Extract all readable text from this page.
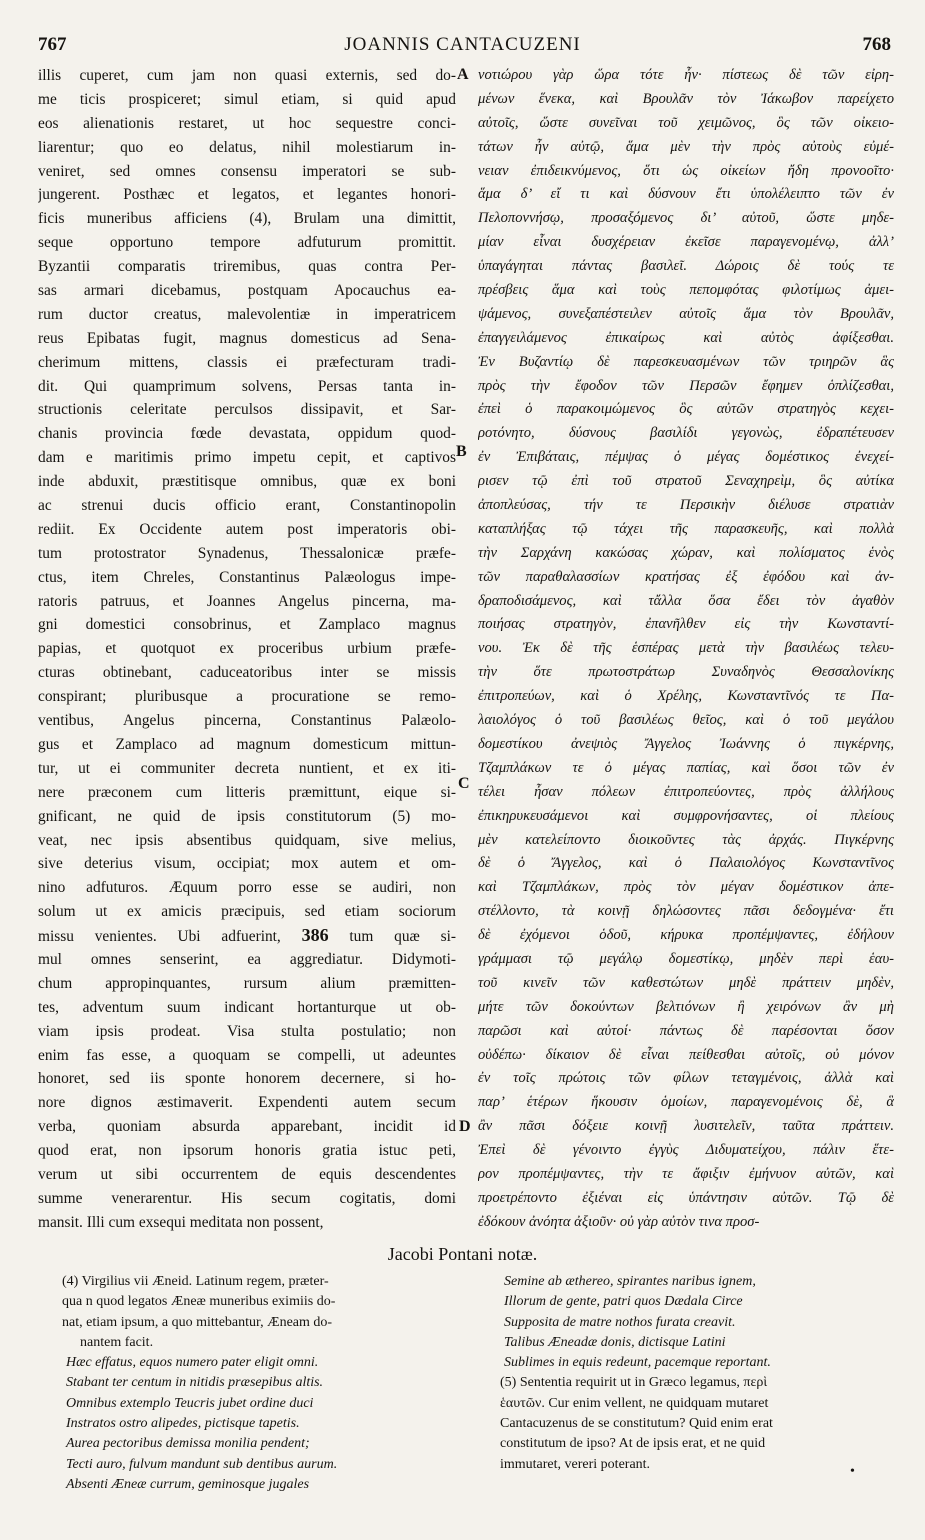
767	JOANNIS CANTACUZENI	768
illis cuperet, cum jam non quasi externis, sed do-
me ticis prospiceret; simul etiam, si quid apud
eos alienationis restaret, ut hoc sequestre conci-
liarentur; quo eo delatus, nihil molestiarum in-
veniret, sed omnes consensu imperatori se sub-
jungerent. Posthæc et legatos, et legantes honori-
ficis muneribus afficiens (4), Brulam una dimittit,
seque opportuno tempore adfuturum promittit.
Byzantii comparatis triremibus, quas contra Per-
sas armari dicebamus, postquam Apocauchus ea-
rum ductor creatus, malevolentiæ in imperatricem
reus Epibatas fugit, magnus domesticus ad Sena-
cherimum mittens, classis ei præfecturam tradi-
dit. Qui quamprimum solvens, Persas tanta in-
structionis celeritate perculsos dissipavit, et Sar-
chanis provincia fœde devastata, oppidum quod-
dam e maritimis primo impetu cepit, et captivos
inde abduxit, præstitisque omnibus, quæ ex boni
ac strenui ducis officio erant, Constantinopolin
rediit. Ex Occidente autem post imperatoris obi-
tum protostrator Synadenus, Thessalonicæ præfe-
ctus, item Chreles, Constantinus Palæologus impe-
ratoris patruus, et Joannes Angelus pincerna, ma-
gni domestici consobrinus, et Zamplaco magnus
papias, et quotquot ex proceribus urbium præfe-
cturas obtinebant, caduceatoribus inter se missis
conspirant; pluribusque a procuratione se remo-
ventibus, Angelus pincerna, Constantinus Palæolo-
gus et Zamplaco ad magnum domesticum mittun-
tur, ut ei communiter decreta nuntient, et ex iti-
nere præconem cum litteris præmittunt, eique si-
gnificant, ne quid de ipsis constitutorum (5) mo-
veat, nec ipsis absentibus quidquam, sive melius,
sive deterius visum, occipiat; mox autem et om-
nino adfuturos. Æquum porro esse se audiri, non
solum ut ex amicis præcipuis, sed etiam sociorum
missu venientes. Ubi adfuerint, 386 tum quæ si-
mul omnes senserint, ea aggrediatur. Didymoti-
chum appropinquantes, rursum alium præmitten-
tes, adventum suum indicant hortanturque ut ob-
viam ipsis prodeat. Visa stulta postulatio; non
enim fas esse, a quoquam se compelli, ut adeuntes
honoret, sed iis sponte honorem decernere, si ho-
nore dignos æstimaverit. Expendenti autem secum
verba, quoniam absurda apparebant, incidit id
quod erat, non ipsorum honoris gratia istuc peti,
verum ut sibi occurrentem de equis descendentes
summe venerarentur. His secum cogitatis, domi
mansit. Illi cum exsequi meditata non possent,
νοτιώρου γὰρ ὥρα τότε ἦν· πίστεως δὲ τῶν εἰρη-
μένων ἕνεκα, καὶ Βρουλᾶν τὸν Ἰάκωβον παρείχετο
αὐτοῖς, ὥστε συνεῖναι τοῦ χειμῶνος, ὃς τῶν οἰκειο-
τάτων ἦν αὐτῷ, ἅμα μὲν τὴν πρὸς αὐτοὺς εὐμέ-
νειαν ἐπιδεικνύμενος, ὅτι ὡς οἰκείων ἤδη προνοοῖτο·
ἅμα δ’ εἴ τι καὶ δύσνουν ἔτι ὑπολέλειπτο τῶν ἐν
Πελοποννήσῳ, προσαξόμενος δι’ αὐτοῦ, ὥστε μηδε-
μίαν εἶναι δυσχέρειαν ἐκεῖσε παραγενομένῳ, ἀλλ’
ὑπαγάγηται πάντας βασιλεῖ. Δώροις δὲ τούς τε
πρέσβεις ἅμα καὶ τοὺς πεπομφότας φιλοτίμως ἀμει-
ψάμενος, συνεξαπέστειλεν αὐτοῖς ἅμα τὸν Βρουλᾶν,
ἐπαγγειλάμενος ἐπικαίρως καὶ αὐτὸς ἀφίξεσθαι.
Ἐν Βυζαντίῳ δὲ παρεσκευασμένων τῶν τριηρῶν ἃς
πρὸς τὴν ἔφοδον τῶν Περσῶν ἔφημεν ὁπλίζεσθαι,
ἐπεὶ ὁ παρακοιμώμενος ὃς αὐτῶν στρατηγὸς κεχει-
ροτόνητο, δύσνους βασιλίδι γεγονὼς, ἐδραπέτευσεν
ἐν Ἐπιβάταις, πέμψας ὁ μέγας δομέστικος ἐνεχεί-
ρισεν τῷ ἐπὶ τοῦ στρατοῦ Σεναχηρεὶμ, ὃς αὐτίκα
ἀποπλεύσας, τήν τε Περσικὴν διέλυσε στρατιὰν
καταπλήξας τῷ τάχει τῆς παρασκευῆς, καὶ πολλὰ
τὴν Σαρχάνη κακώσας χώραν, καὶ πολίσματος ἑνὸς
τῶν παραθαλασσίων κρατήσας ἐξ ἐφόδου καὶ ἀν-
δραποδισάμενος, καὶ τἄλλα ὅσα ἔδει τὸν ἀγαθὸν
ποιήσας στρατηγὸν, ἐπανῆλθεν εἰς τὴν Κωνσταντί-
νου. Ἐκ δὲ τῆς ἑσπέρας μετὰ τὴν βασιλέως τελευ-
τὴν ὅτε πρωτοστράτωρ Συναδηνὸς Θεσσαλονίκης
ἐπιτροπεύων, καὶ ὁ Χρέλης, Κωνσταντῖνός τε Πα-
λαιολόγος ὁ τοῦ βασιλέως θεῖος, καὶ ὁ τοῦ μεγάλου
δομεστίκου ἀνεψιὸς Ἄγγελος Ἰωάννης ὁ πιγκέρνης,
Τζαμπλάκων τε ὁ μέγας παπίας, καὶ ὅσοι τῶν ἐν
τέλει ἦσαν πόλεων ἐπιτροπεύοντες, πρὸς ἀλλήλους
ἐπικηρυκευσάμενοι καὶ συμφρονήσαντες, οἱ πλείους
μὲν κατελείποντο διοικοῦντες τὰς ἀρχάς. Πιγκέρνης
δὲ ὁ Ἄγγελος, καὶ ὁ Παλαιολόγος Κωνσταντῖνος
καὶ Τζαμπλάκων, πρὸς τὸν μέγαν δομέστικον ἀπε-
στέλλοντο, τὰ κοινῇ δηλώσοντες πᾶσι δεδογμένα· ἔτι
δὲ ἐχόμενοι ὁδοῦ, κήρυκα προπέμψαντες, ἐδήλουν
γράμμασι τῷ μεγάλῳ δομεστίκῳ, μηδὲν περὶ ἑαυ-
τοῦ κινεῖν τῶν καθεστώτων μηδὲ πράττειν μηδὲν,
μήτε τῶν δοκούντων βελτιόνων ἢ χειρόνων ἂν μὴ
παρῶσι καὶ αὐτοί· πάντως δὲ παρέσονται ὅσον
οὐδέπω· δίκαιον δὲ εἶναι πείθεσθαι αὐτοῖς, οὐ μόνον
ἐν τοῖς πρώτοις τῶν φίλων τεταγμένοις, ἀλλὰ καὶ
παρ’ ἑτέρων ἥκουσιν ὁμοίων, παραγενομένοις δὲ, ἃ
ἂν πᾶσι δόξειε κοινῇ λυσιτελεῖν, ταῦτα πράττειν.
Ἐπεὶ δὲ γένοιντο ἐγγὺς Διδυματείχου, πάλιν ἕτε-
ρον προπέμψαντες, τὴν τε ἄφιξιν ἐμήνυον αὐτῶν, καὶ
προετρέποντο ἐξιέναι εἰς ὑπάντησιν αὐτῶν. Τῷ δὲ
ἐδόκουν ἀνόητα ἀξιοῦν· οὐ γὰρ αὐτὸν τινα προσ-
A
B
C
D
Jacobi Pontani notæ.
(4) Virgilius vii Æneid. Latinum regem, præter-
qua n quod legatos Æneæ muneribus eximiis do-
nat, etiam ipsum, a quo mittebantur, Æneam do-
nantem facit.
Hæc effatus, equos numero pater eligit omni.
Stabant ter centum in nitidis præsepibus altis.
Omnibus extemplo Teucris jubet ordine duci
Instratos ostro alipedes, pictisque tapetis.
Aurea pectoribus demissa monilia pendent;
Tecti auro, fulvum mandunt sub dentibus aurum.
Absenti Æneæ currum, geminosque jugales
Semine ab æthereo, spirantes naribus ignem,
Illorum de gente, patri quos Dædala Circe
Supposita de matre nothos furata creavit.
Talibus Æneadæ donis, dictisque Latini
Sublimes in equis redeunt, pacemque reportant.
(5) Sententia requirit ut in Græco legamus, περὶ
ἑαυτῶν. Cur enim vellent, ne quidquam mutaret
Cantacuzenus de se constitutum? Quid enim erat
constitutum de ipso? At de ipsis erat, et ne quid
immutaret, vereri poterant.	•
